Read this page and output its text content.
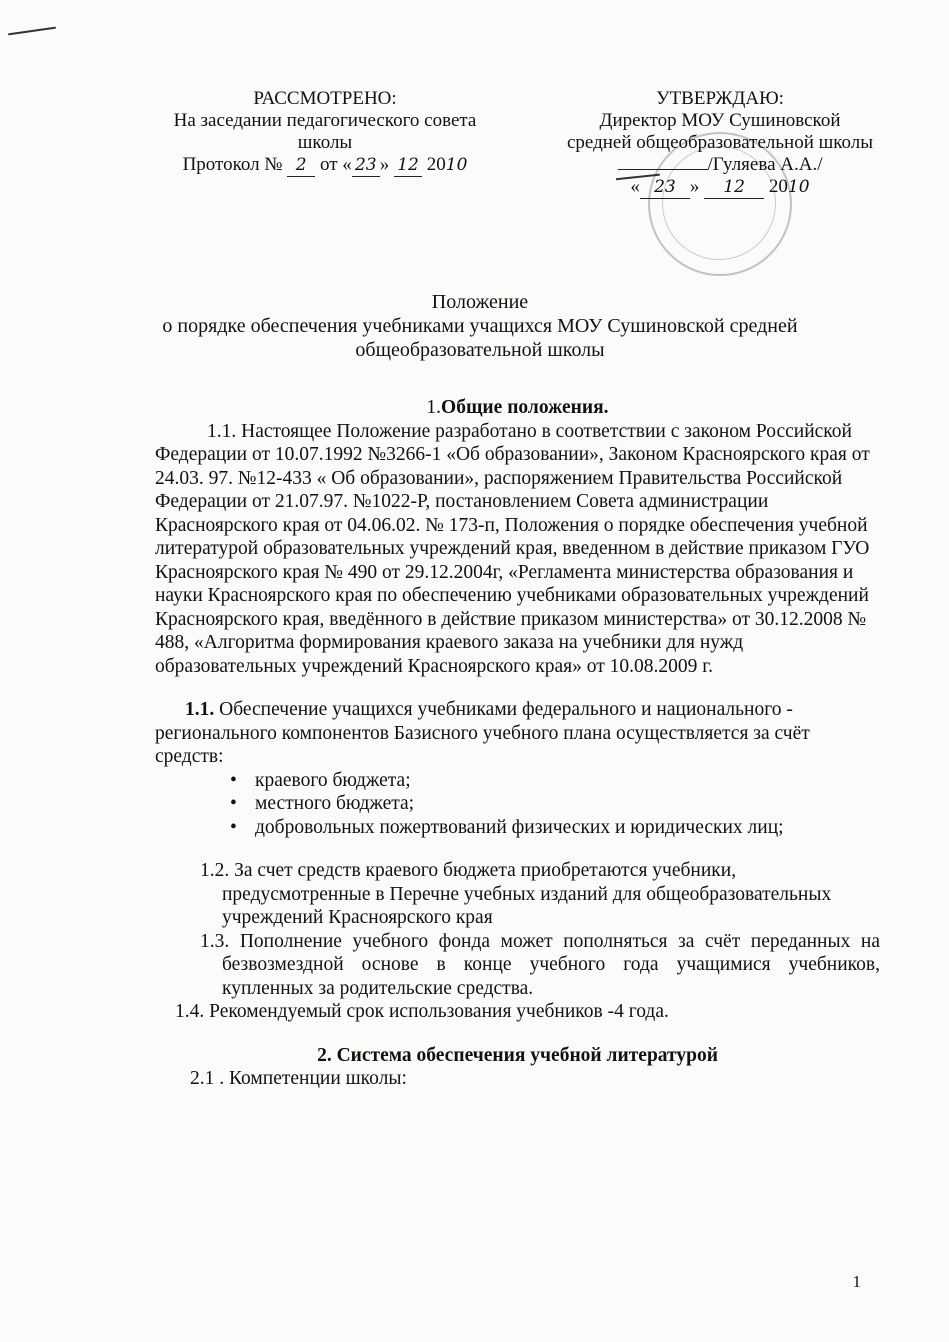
РАССМОТРЕНО:
На заседании педагогического совета
школы
Протокол № 2 от « 23 » 12 2010
УТВЕРЖДАЮ:
Директор МОУ Сушиновской
средней общеобразовательной школы
/Гуляева А.А./
« 23 » 12 2010
Положение
о порядке обеспечения учебниками учащихся МОУ Сушиновской средней
общеобразовательной школы

1.Общие положения.

1.1. Настоящее Положение разработано в соответствии с законом Российской Федерации от 10.07.1992 №3266-1 «Об образовании», Законом Красноярского края от 24.03. 97. №12-433 « Об образовании», распоряжением Правительства Российской Федерации от 21.07.97. №1022-Р, постановлением Совета администрации Красноярского края от 04.06.02. № 173-п, Положения о порядке обеспечения учебной литературой образовательных учреждений края, введенном в действие приказом ГУО Красноярского края № 490 от 29.12.2004г, «Регламента министерства образования и науки Красноярского края по обеспечению учебниками образовательных учреждений Красноярского края, введённого в действие приказом министерства» от 30.12.2008 № 488, «Алгоритма формирования краевого заказа на учебники для нужд образовательных учреждений Красноярского края» от 10.08.2009 г.

1.1. Обеспечение учащихся учебниками федерального и национального - регионального компонентов Базисного учебного плана осуществляется за счёт средств:

• краевого бюджета;
• местного бюджета;
• добровольных пожертвований физических и юридических лиц;

1.2. За счет средств краевого бюджета приобретаются учебники, предусмотренные в Перечне учебных изданий для общеобразовательных учреждений Красноярского края

1.3. Пополнение учебного фонда может пополняться за счёт переданных на безвозмездной основе в конце учебного года учащимися учебников, купленных за родительские средства.

1.4. Рекомендуемый срок использования учебников -4 года.

2. Система обеспечения учебной литературой

2.1 . Компетенции школы:

1
